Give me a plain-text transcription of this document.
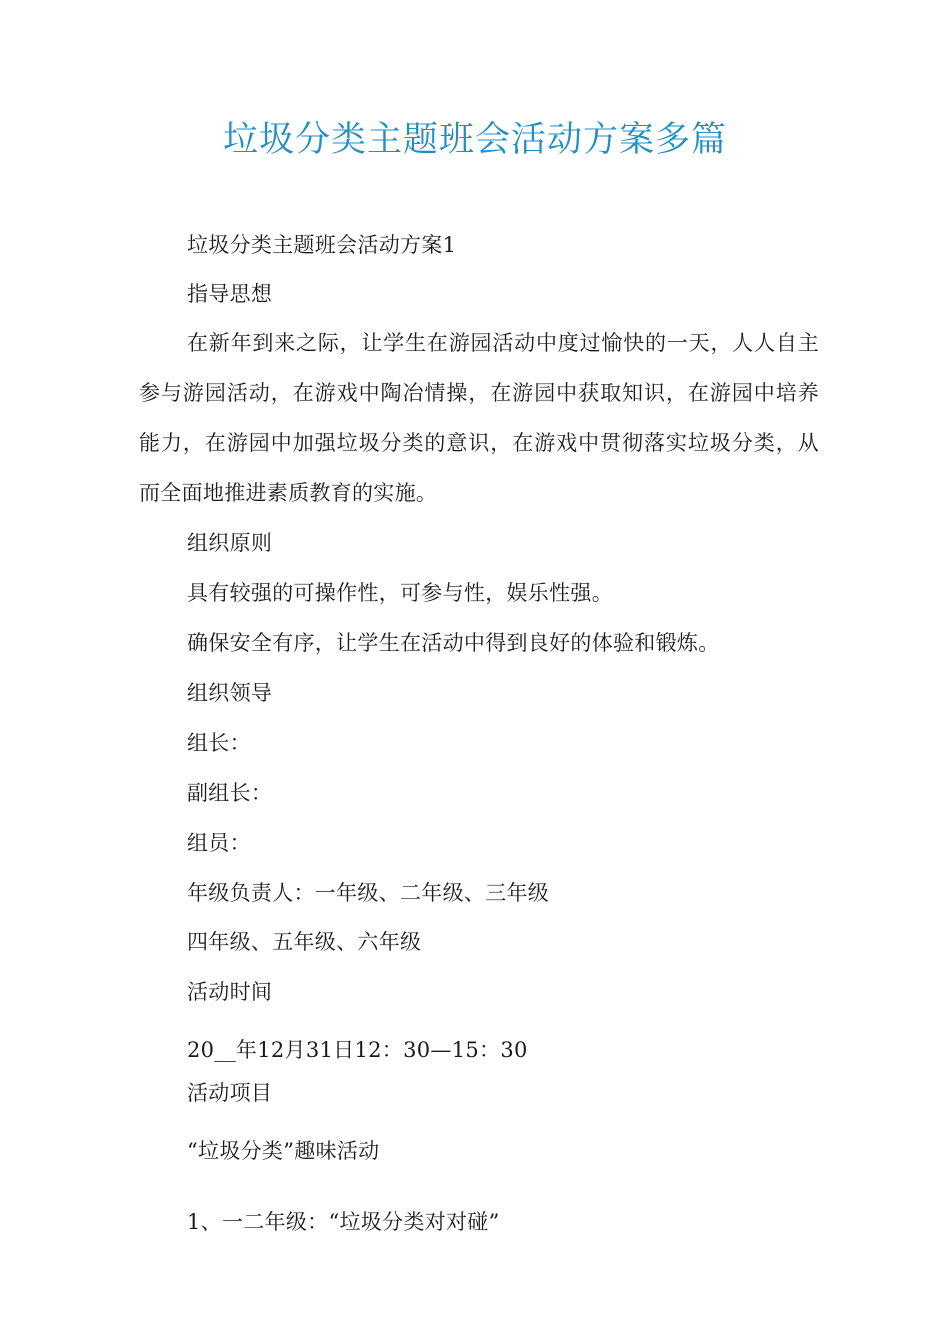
垃圾分类主题班会活动方案多篇

垃圾分类主题班会活动方案1

指导思想

在新年到来之际，让学生在游园活动中度过愉快的一天，人人自主参与游园活动，在游戏中陶冶情操，在游园中获取知识，在游园中培养能力，在游园中加强垃圾分类的意识，在游戏中贯彻落实垃圾分类，从而全面地推进素质教育的实施。

组织原则

具有较强的可操作性，可参与性，娱乐性强。

确保安全有序，让学生在活动中得到良好的体验和锻炼。

组织领导

组长：

副组长：

组员：

年级负责人：一年级、二年级、三年级

四年级、五年级、六年级

活动时间

20__年12月31日12：30—15：30

活动项目

“垃圾分类”趣味活动

1、一二年级：“垃圾分类对对碰”
